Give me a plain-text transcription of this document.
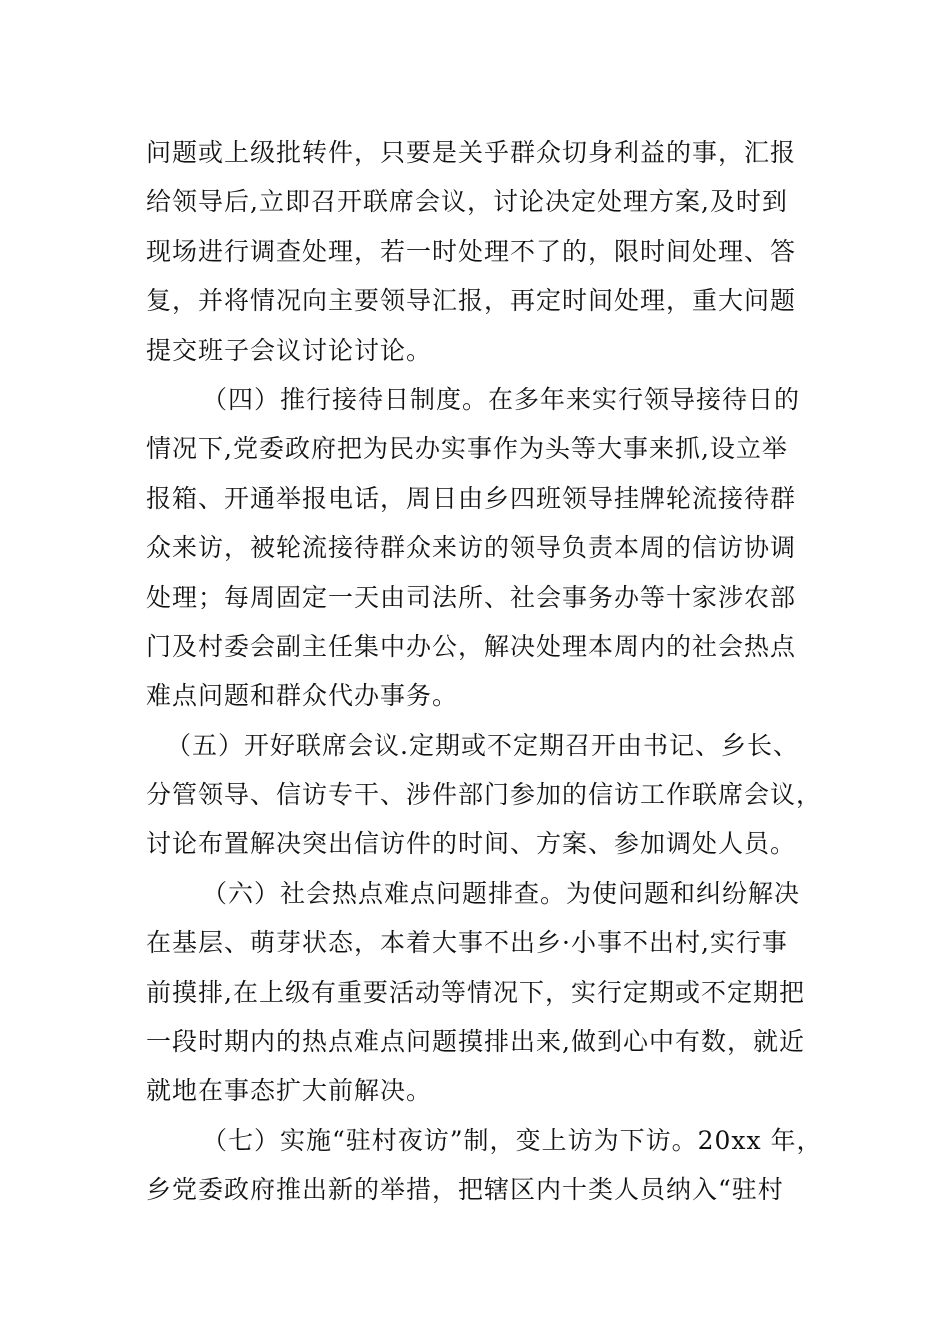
问题或上级批转件，只要是关乎群众切身利益的事，汇报
给领导后,立即召开联席会议，讨论决定处理方案,及时到
现场进行调查处理，若一时处理不了的，限时间处理、答
复，并将情况向主要领导汇报，再定时间处理，重大问题
提交班子会议讨论讨论。
（四）推行接待日制度。在多年来实行领导接待日的
情况下,党委政府把为民办实事作为头等大事来抓,设立举
报箱、开通举报电话，周日由乡四班领导挂牌轮流接待群
众来访，被轮流接待群众来访的领导负责本周的信访协调
处理；每周固定一天由司法所、社会事务办等十家涉农部
门及村委会副主任集中办公，解决处理本周内的社会热点
难点问题和群众代办事务。
（五）开好联席会议.定期或不定期召开由书记、乡长、
分管领导、信访专干、涉件部门参加的信访工作联席会议，
讨论布置解决突出信访件的时间、方案、参加调处人员。
（六）社会热点难点问题排查。为使问题和纠纷解决
在基层、萌芽状态，本着大事不出乡·小事不出村,实行事
前摸排,在上级有重要活动等情况下，实行定期或不定期把
一段时期内的热点难点问题摸排出来,做到心中有数，就近
就地在事态扩大前解决。
（七）实施“驻村夜访”制，变上访为下访。20xx 年，
乡党委政府推出新的举措，把辖区内十类人员纳入“驻村
